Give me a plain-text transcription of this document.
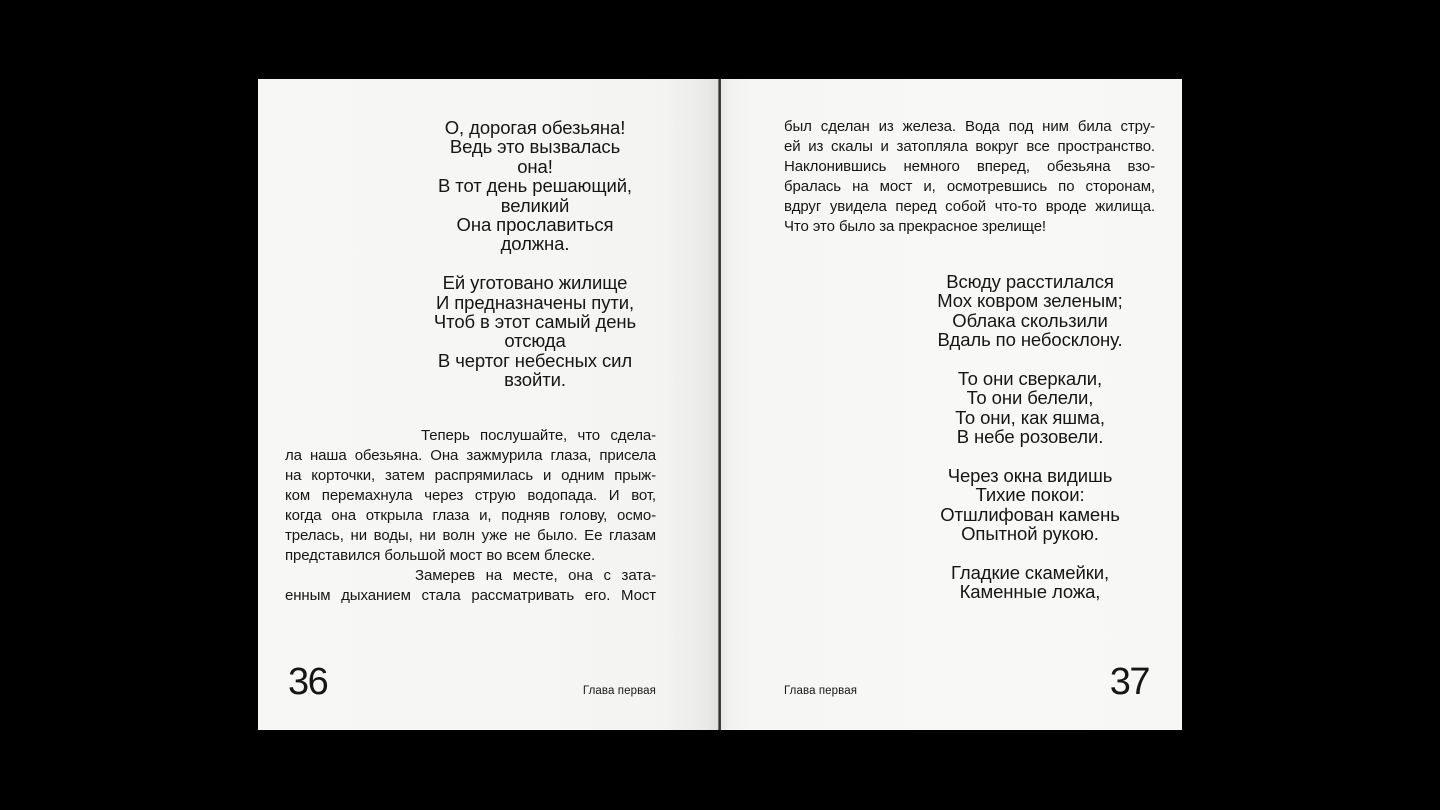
О, дорогая обезьяна!
Ведь это вызвалась
она!
В тот день решающий,
великий
Она прославиться
должна.
Ей уготовано жилище
И предназначены пути,
Чтоб в этот самый день
отсюда
В чертог небесных сил
взойти.
Теперь послушайте, что сдела-
ла наша обезьяна. Она зажмурила глаза, присела
на корточки, затем распрямилась и одним прыж-
ком перемахнула через струю водопада. И вот,
когда она открыла глаза и, подняв голову, осмо-
трелась, ни воды, ни волн уже не было. Ее глазам
представился большой мост во всем блеске.
Замерев на месте, она с зата-
енным дыханием стала рассматривать его. Мост
36	Глава первая
был сделан из железа. Вода под ним била стру-
ей из скалы и затопляла вокруг все пространство.
Наклонившись немного вперед, обезьяна взо-
бралась на мост и, осмотревшись по сторонам,
вдруг увидела перед собой что-то вроде жилища.
Что это было за прекрасное зрелище!
Всюду расстилался
Мох ковром зеленым;
Облака скользили
Вдаль по небосклону.
То они сверкали,
То они белели,
То они, как яшма,
В небе розовели.
Через окна видишь
Тихие покои:
Отшлифован камень
Опытной рукою.
Гладкие скамейки,
Каменные ложа,
Глава первая	37
